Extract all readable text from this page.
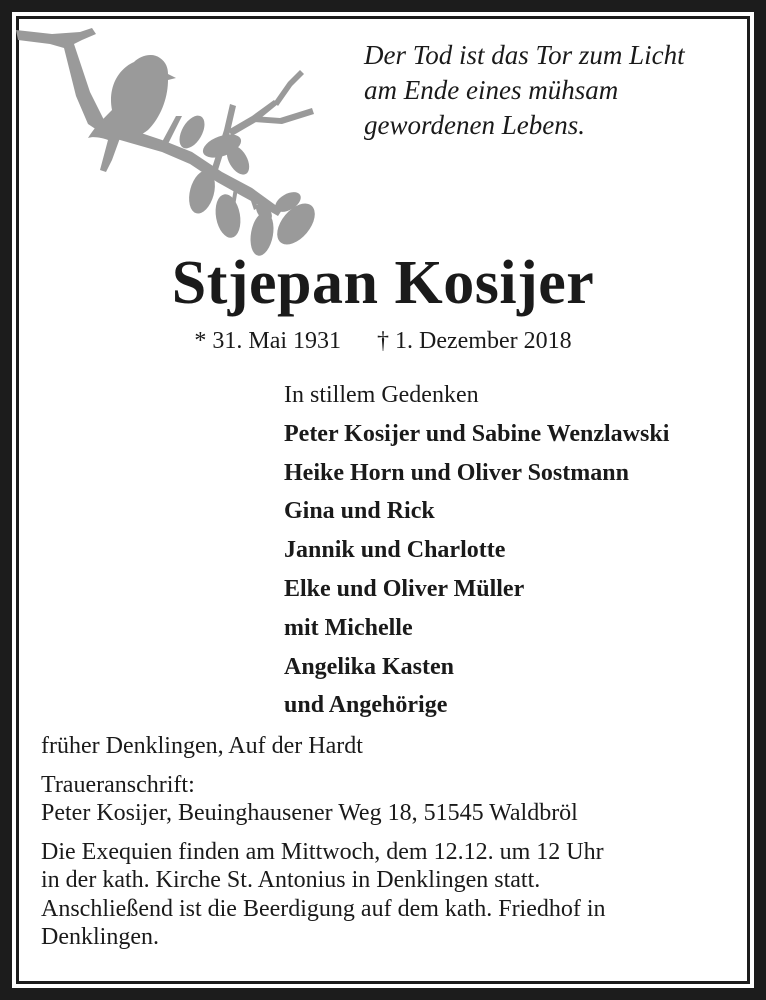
Der Tod ist das Tor zum Licht
am Ende eines mühsam
gewordenen Lebens.
Stjepan Kosijer
* 31. Mai 1931      † 1. Dezember 2018
In stillem Gedenken
Peter Kosijer und Sabine Wenzlawski
Heike Horn und Oliver Sostmann
Gina und Rick
Jannik und Charlotte
Elke und Oliver Müller
mit Michelle
Angelika Kasten
und Angehörige
früher Denklingen, Auf der Hardt
Traueranschrift:
Peter Kosijer, Beuinghausener Weg 18, 51545 Waldbröl
Die Exequien finden am Mittwoch, dem 12.12. um 12 Uhr
in der kath. Kirche St. Antonius in Denklingen statt.
Anschließend ist die Beerdigung auf dem kath. Friedhof in
Denklingen.
